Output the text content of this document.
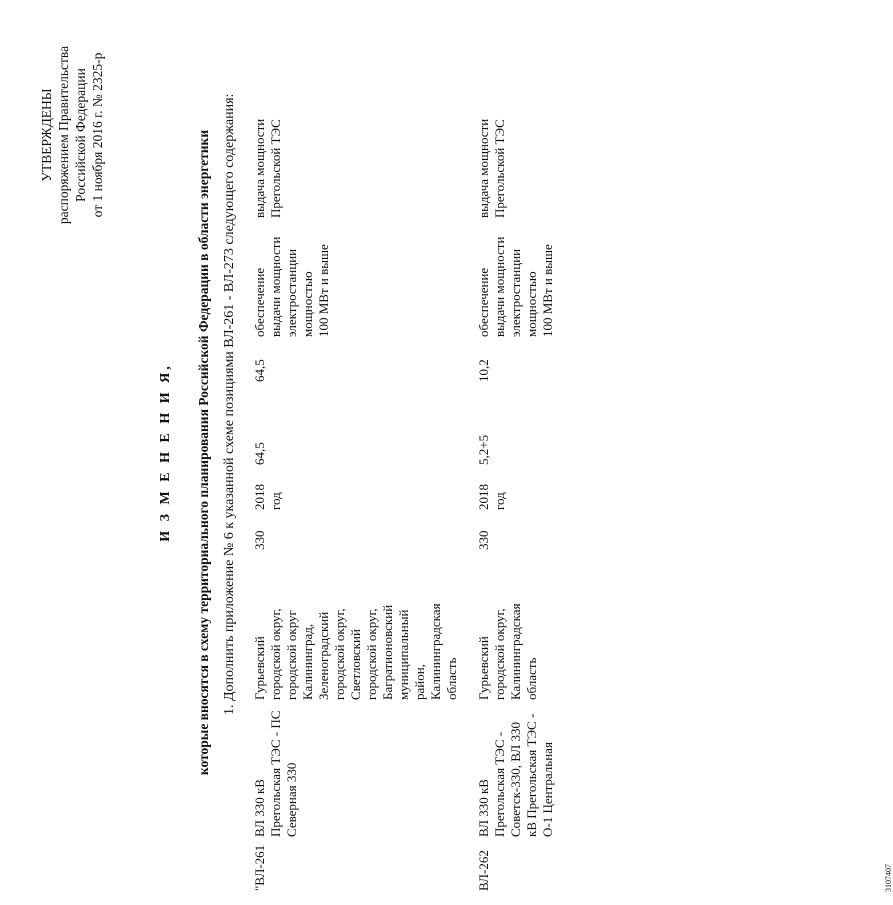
УТВЕРЖДЕНЫ распоряжением Правительства Российской Федерации от 1 ноября 2016 г. № 2325-р
И З М Е Н Е Н И Я, которые вносятся в схему территориального планирования Российской Федерации в области энергетики 1. Дополнить приложение № 6 к указанной схеме позициями ВЛ-261 - ВЛ-273 следующего содержания:
"ВЛ-261
ВЛ 330 кВ
Прегольская ТЭС - ПС
Северная 330
Гурьевский
городской округ,
городской округ
Калининград,
Зеленоградский
городской округ,
Светловский
городской округ,
Багратионовский
муниципальный
район,
Калининградская
область
330
2018
год
64,5
64,5
обеспечение
выдачи мощности
электростанции
мощностью
100 МВт и выше
выдача мощности
Прегольской ТЭС
ВЛ-262
ВЛ 330 кВ
Прегольская ТЭС -
Советск-330, ВЛ 330
кВ Прегольская ТЭС -
О-1 Центральная
Гурьевский
городской округ,
Калининградская
область
330
2018
год
5,2+5
10,2
обеспечение
выдачи мощности
электростанции
мощностью
100 МВт и выше
выдача мощности
Прегольской ТЭС
3107407
